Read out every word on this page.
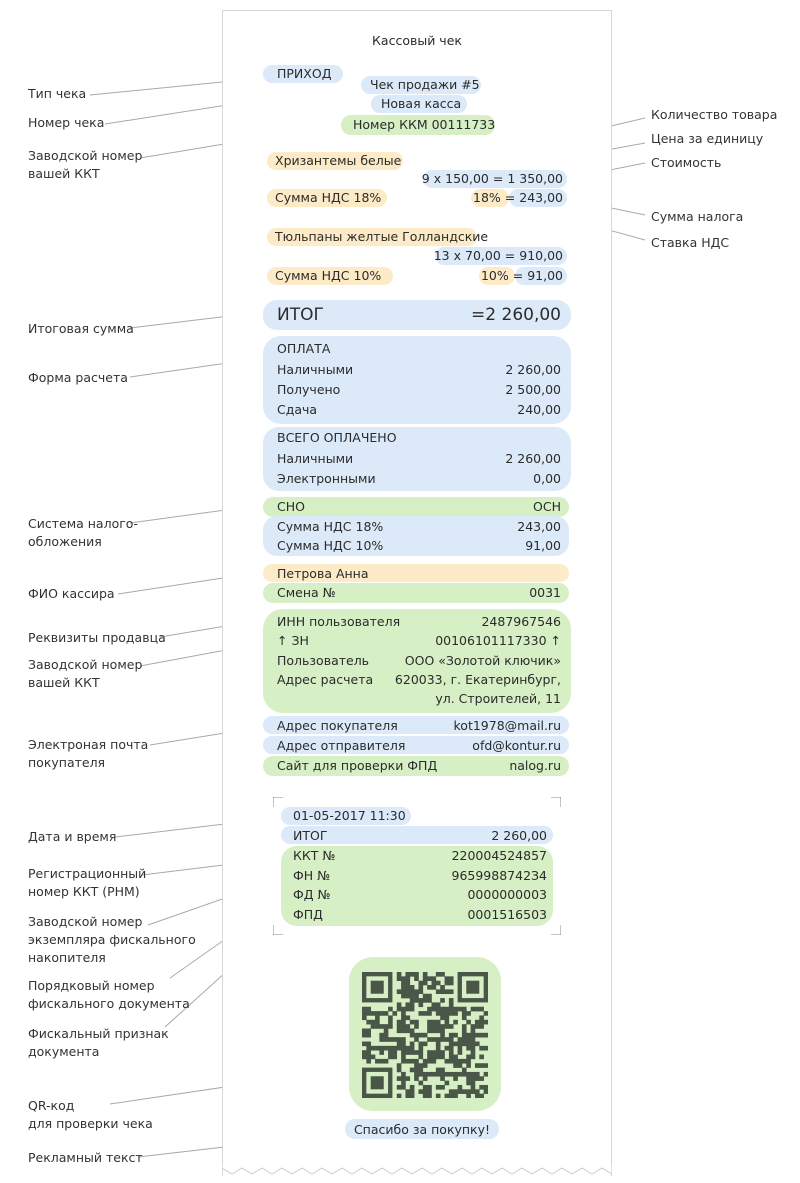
Тип чека
Номер чека
Заводской номер
вашей ККТ
Итоговая сумма
Форма расчета
Система налого-
обложения
ФИО кассира
Реквизиты продавца
Заводской номер
вашей ККТ
Электроная почта
покупателя
Дата и время
Регистрационный
номер ККТ (РНМ)
Заводской номер
экземпляра фискального
накопителя
Порядковый номер
фискального документа
Фискальный признак
документа
QR-код
для проверки чека
Рекламный текст
Количество товара
Цена за единицу
Стоимость
Сумма налога
Ставка НДС
Кассовый чек
ПРИХОД
Чек продажи #5
Новая касса
Номер ККМ 00111733
Хризантемы белые
9 х 150,00 = 1 350,00
Сумма НДС 18%	18% = 243,00
Тюльпаны желтые Голландские
13 х 70,00 = 910,00
Сумма НДС 10%	10% = 91,00
ИТОГ	=2 260,00
ОПЛАТА
Наличными	2 260,00
Получено	2 500,00
Сдача	240,00
ВСЕГО ОПЛАЧЕНО
Наличными	2 260,00
Электронными	0,00
СНО	ОСН
Сумма НДС 18%	243,00
Сумма НДС 10%	91,00
Петрова Анна
Смена №	0031
ИНН пользователя	2487967546
↑ ЗН	00106101117330 ↑
Пользователь	ООО «Золотой ключик»
Адрес расчета	620033, г. Екатеринбург,
ул. Строителей, 11
Адрес покупателя	kot1978@mail.ru
Адрес отправителя	ofd@kontur.ru
Сайт для проверки ФПД	nalog.ru
01-05-2017 11:30
ИТОГ	2 260,00
ККТ №	220004524857
ФН №	9659988742З4
ФД №	0000000003
ФПД	0001516503
Спасибо за покупку!
